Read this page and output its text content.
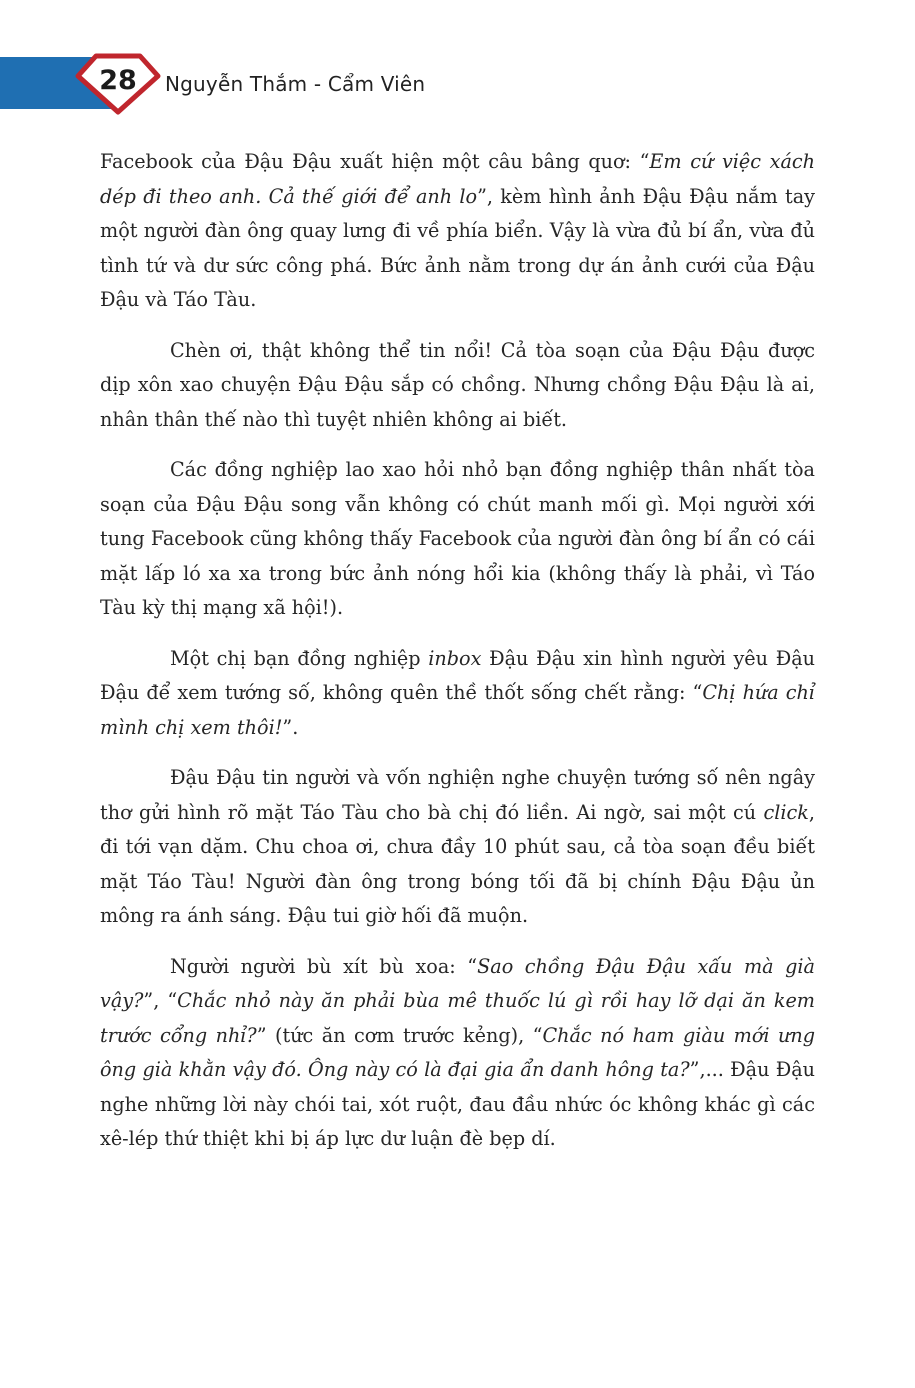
28	Nguyễn Thắm - Cẩm Viên

Facebook của Đậu Đậu xuất hiện một câu bâng quơ: “Em cứ việc xách dép đi theo anh. Cả thế giới để anh lo”, kèm hình ảnh Đậu Đậu nắm tay một người đàn ông quay lưng đi về phía biển. Vậy là vừa đủ bí ẩn, vừa đủ tình tứ và dư sức công phá. Bức ảnh nằm trong dự án ảnh cưới của Đậu Đậu và Táo Tàu.

Chèn ơi, thật không thể tin nổi! Cả tòa soạn của Đậu Đậu được dịp xôn xao chuyện Đậu Đậu sắp có chồng. Nhưng chồng Đậu Đậu là ai, nhân thân thế nào thì tuyệt nhiên không ai biết.

Các đồng nghiệp lao xao hỏi nhỏ bạn đồng nghiệp thân nhất tòa soạn của Đậu Đậu song vẫn không có chút manh mối gì. Mọi người xới tung Facebook cũng không thấy Facebook của người đàn ông bí ẩn có cái mặt lấp ló xa xa trong bức ảnh nóng hổi kia (không thấy là phải, vì Táo Tàu kỳ thị mạng xã hội!).

Một chị bạn đồng nghiệp inbox Đậu Đậu xin hình người yêu Đậu Đậu để xem tướng số, không quên thề thốt sống chết rằng: “Chị hứa chỉ mình chị xem thôi!”.

Đậu Đậu tin người và vốn nghiện nghe chuyện tướng số nên ngây thơ gửi hình rõ mặt Táo Tàu cho bà chị đó liền. Ai ngờ, sai một cú click, đi tới vạn dặm. Chu choa ơi, chưa đầy 10 phút sau, cả tòa soạn đều biết mặt Táo Tàu! Người đàn ông trong bóng tối đã bị chính Đậu Đậu ủn mông ra ánh sáng. Đậu tui giờ hối đã muộn.

Người người bù xít bù xoa: “Sao chồng Đậu Đậu xấu mà già vậy?”, “Chắc nhỏ này ăn phải bùa mê thuốc lú gì rồi hay lỡ dại ăn kem trước cổng nhỉ?” (tức ăn cơm trước kẻng), “Chắc nó ham giàu mới ưng ông già khằn vậy đó. Ông này có là đại gia ẩn danh hông ta?”,... Đậu Đậu nghe những lời này chói tai, xót ruột, đau đầu nhức óc không khác gì các xê-lép thứ thiệt khi bị áp lực dư luận đè bẹp dí.
